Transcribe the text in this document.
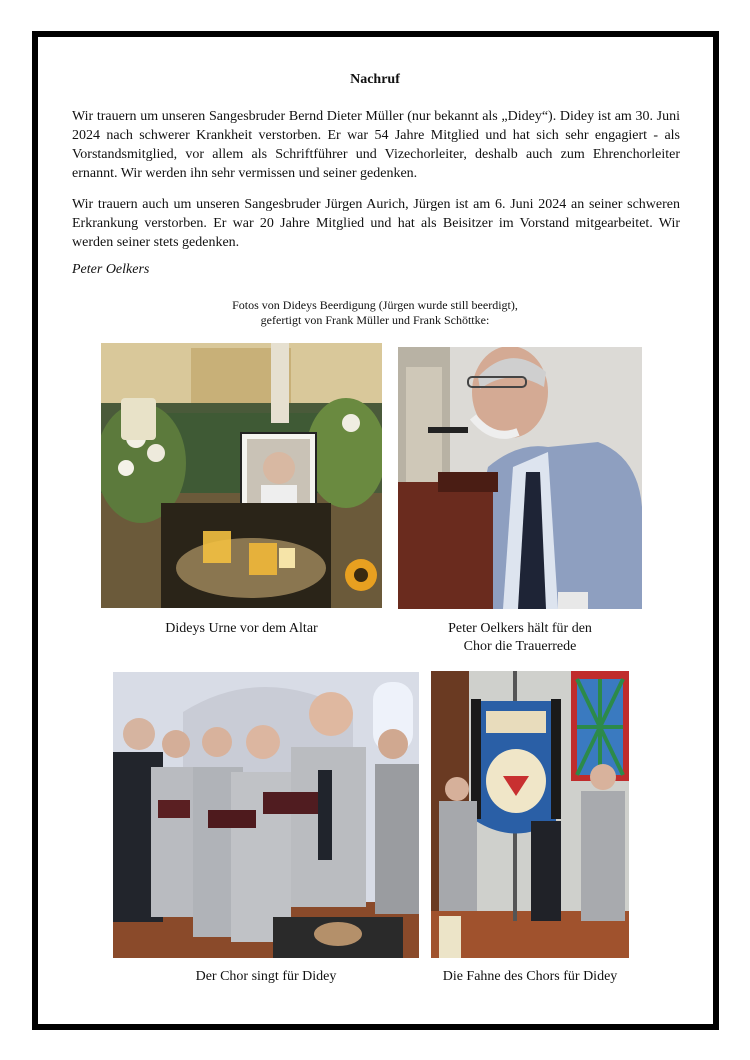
Nachruf
Wir trauern um unseren Sangesbruder Bernd Dieter Müller (nur bekannt als „Didey“). Didey ist am 30. Juni 2024 nach schwerer Krankheit verstorben. Er war 54 Jahre Mitglied und hat sich sehr engagiert - als Vorstandsmitglied, vor allem als Schriftführer und Vizechorleiter, deshalb auch zum Ehrenchorleiter ernannt. Wir werden ihn sehr vermissen und seiner gedenken.
Wir trauern auch um unseren Sangesbruder Jürgen Aurich, Jürgen ist am 6. Juni 2024 an seiner schweren Erkrankung verstorben. Er war 20 Jahre Mitglied und hat als Beisitzer im Vorstand mitgearbeitet. Wir werden seiner stets gedenken.
Peter Oelkers
Fotos von Dideys Beerdigung (Jürgen wurde still beerdigt),
gefertigt von Frank Müller und Frank Schöttke:
Dideys Urne vor dem Altar	Peter Oelkers hält für den
Chor die Trauerrede
Der Chor singt für Didey	Die Fahne des Chors für Didey
